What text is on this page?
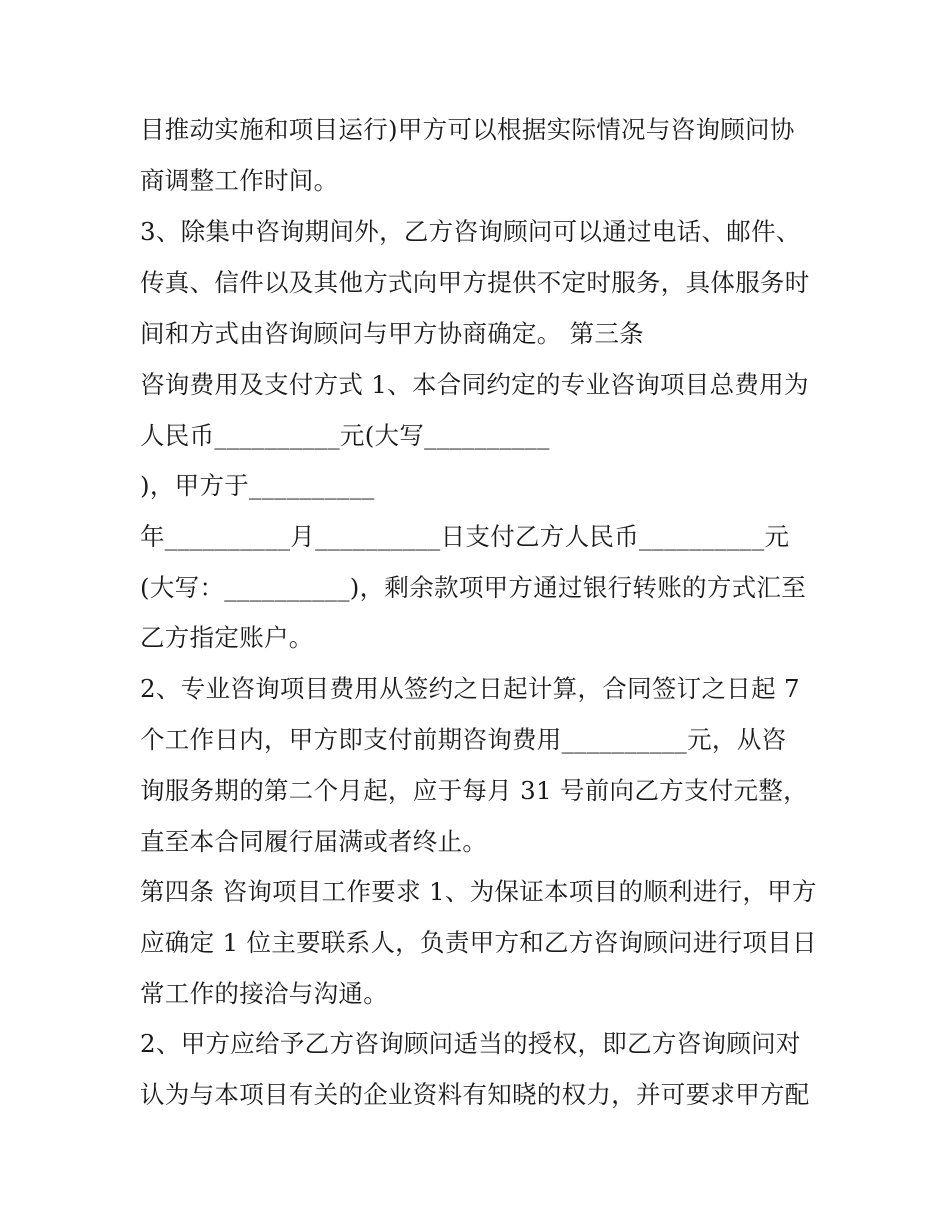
目推动实施和项目运行)甲方可以根据实际情况与咨询顾问协
商调整工作时间。
3、除集中咨询期间外，乙方咨询顾问可以通过电话、邮件、
传真、信件以及其他方式向甲方提供不定时服务，具体服务时
间和方式由咨询顾问与甲方协商确定。 第三条
咨询费用及支付方式 1、本合同约定的专业咨询项目总费用为
人民币__________元(大写__________
)，甲方于__________
年__________月__________日支付乙方人民币__________元
(大写：__________)，剩余款项甲方通过银行转账的方式汇至
乙方指定账户。
2、专业咨询项目费用从签约之日起计算，合同签订之日起 7
个工作日内，甲方即支付前期咨询费用__________元，从咨
询服务期的第二个月起，应于每月 31 号前向乙方支付元整，
直至本合同履行届满或者终止。
第四条 咨询项目工作要求 1、为保证本项目的顺利进行，甲方
应确定 1 位主要联系人，负责甲方和乙方咨询顾问进行项目日
常工作的接洽与沟通。
2、甲方应给予乙方咨询顾问适当的授权，即乙方咨询顾问对
认为与本项目有关的企业资料有知晓的权力，并可要求甲方配
